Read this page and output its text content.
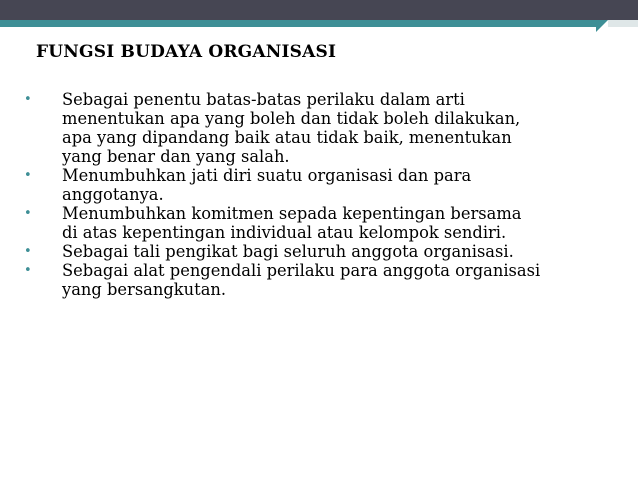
FUNGSI BUDAYA ORGANISASI
•	Sebagai penentu batas-batas perilaku dalam arti
menentukan apa yang boleh dan tidak boleh dilakukan,
apa yang dipandang baik atau tidak baik, menentukan
yang benar dan yang salah.
•	Menumbuhkan jati diri suatu organisasi dan para
anggotanya.
•	Menumbuhkan komitmen sepada kepentingan bersama
di atas kepentingan individual atau kelompok sendiri.
•	Sebagai tali pengikat bagi seluruh anggota organisasi.
•	Sebagai alat pengendali perilaku para anggota organisasi
yang bersangkutan.
